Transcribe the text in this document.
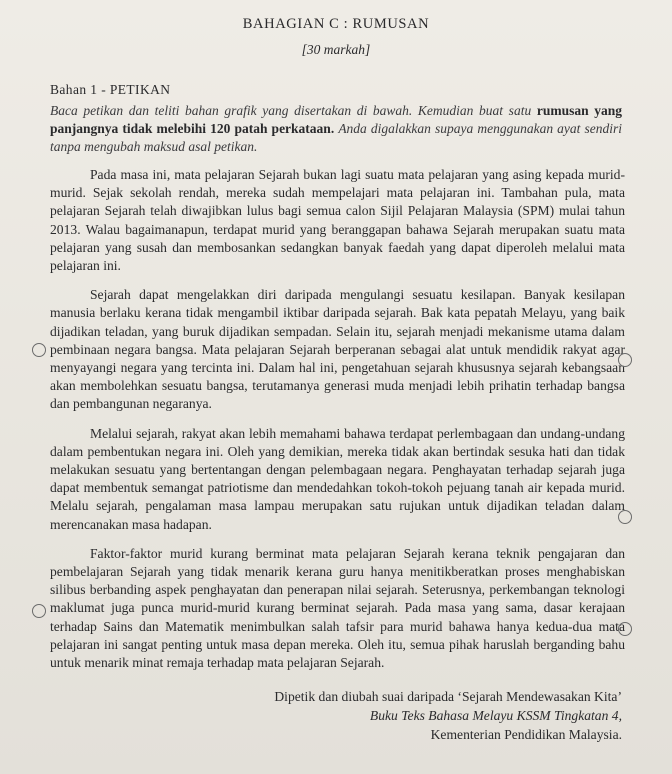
BAHAGIAN C : RUMUSAN
[30 markah]
Bahan 1 - PETIKAN
Baca petikan dan teliti bahan grafik yang disertakan di bawah. Kemudian buat satu rumusan yang panjangnya tidak melebihi 120 patah perkataan. Anda digalakkan supaya menggunakan ayat sendiri tanpa mengubah maksud asal petikan.

Pada masa ini, mata pelajaran Sejarah bukan lagi suatu mata pelajaran yang asing kepada murid-murid. Sejak sekolah rendah, mereka sudah mempelajari mata pelajaran ini. Tambahan pula, mata pelajaran Sejarah telah diwajibkan lulus bagi semua calon Sijil Pelajaran Malaysia (SPM) mulai tahun 2013. Walau bagaimanapun, terdapat murid yang beranggapan bahawa Sejarah merupakan suatu mata pelajaran yang susah dan membosankan sedangkan banyak faedah yang dapat diperoleh melalui mata pelajaran ini.

Sejarah dapat mengelakkan diri daripada mengulangi sesuatu kesilapan. Banyak kesilapan manusia berlaku kerana tidak mengambil iktibar daripada sejarah. Bak kata pepatah Melayu, yang baik dijadikan teladan, yang buruk dijadikan sempadan. Selain itu, sejarah menjadi mekanisme utama dalam pembinaan negara bangsa. Mata pelajaran Sejarah berperanan sebagai alat untuk mendidik rakyat agar menyayangi negara yang tercinta ini. Dalam hal ini, pengetahuan sejarah khususnya sejarah kebangsaan akan membolehkan sesuatu bangsa, terutamanya generasi muda menjadi lebih prihatin terhadap bangsa dan pembangunan negaranya.

Melalui sejarah, rakyat akan lebih memahami bahawa terdapat perlembagaan dan undang-undang dalam pembentukan negara ini. Oleh yang demikian, mereka tidak akan bertindak sesuka hati dan tidak melakukan sesuatu yang bertentangan dengan pelembagaan negara. Penghayatan terhadap sejarah juga dapat membentuk semangat patriotisme dan mendedahkan tokoh-tokoh pejuang tanah air kepada murid. Melalu sejarah, pengalaman masa lampau merupakan satu rujukan untuk dijadikan teladan dalam merencanakan masa hadapan.

Faktor-faktor murid kurang berminat mata pelajaran Sejarah kerana teknik pengajaran dan pembelajaran Sejarah yang tidak menarik kerana guru hanya menitikberatkan proses menghabiskan silibus berbanding aspek penghayatan dan penerapan nilai sejarah. Seterusnya, perkembangan teknologi maklumat juga punca murid-murid kurang berminat sejarah. Pada masa yang sama, dasar kerajaan terhadap Sains dan Matematik menimbulkan salah tafsir para murid bahawa hanya kedua-dua mata pelajaran ini sangat penting untuk masa depan mereka. Oleh itu, semua pihak haruslah berganding bahu untuk menarik minat remaja terhadap mata pelajaran Sejarah.

Dipetik dan diubah suai daripada ‘Sejarah Mendewasakan Kita’
Buku Teks Bahasa Melayu KSSM Tingkatan 4,
Kementerian Pendidikan Malaysia.
